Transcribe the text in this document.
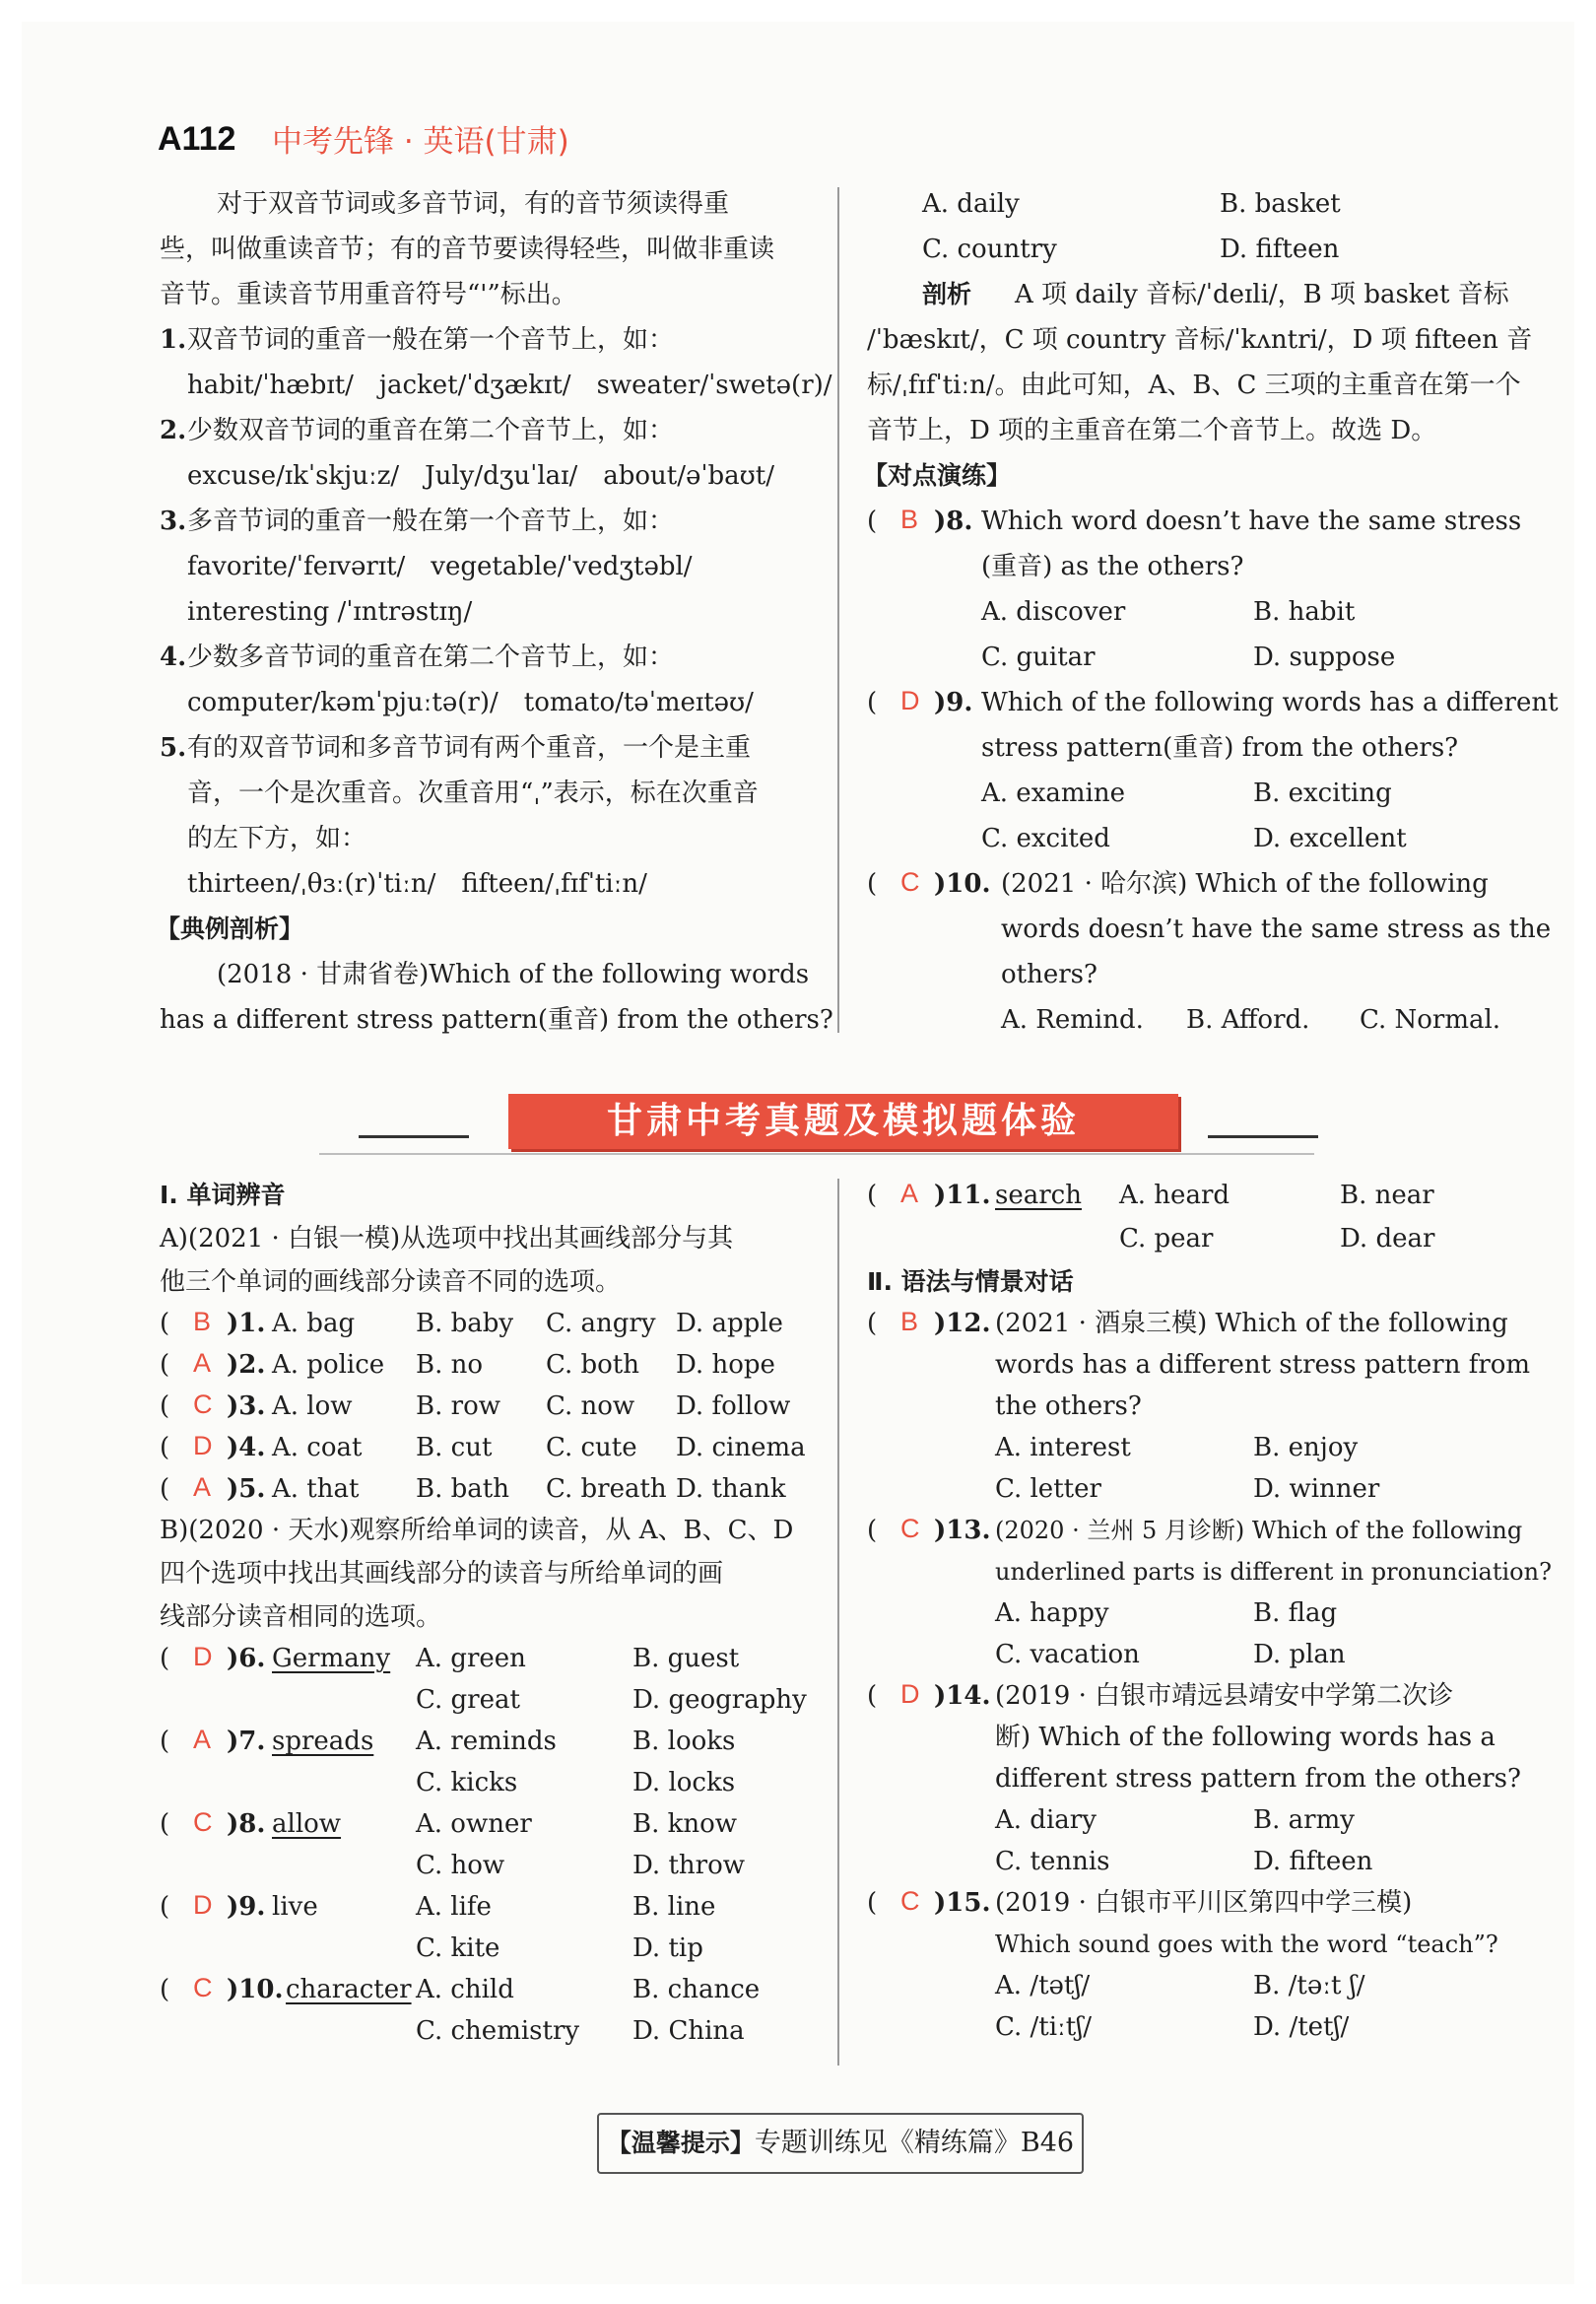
A112 中考先锋 · 英语(甘肃)
对于双音节词或多音节词，有的音节须读得重
些，叫做重读音节；有的音节要读得轻些，叫做非重读
音节。重读音节用重音符号“'”标出。
1. 双音节词的重音一般在第一个音节上，如：
habit/ˈhæbɪt/　jacket/ˈdʒækɪt/　sweater/ˈswetə(r)/
2. 少数双音节词的重音在第二个音节上，如：
excuse/ɪkˈskjuːz/　July/dʒuˈlaɪ/　about/əˈbaʊt/
3. 多音节词的重音一般在第一个音节上，如：
favorite/ˈfeɪvərɪt/　vegetable/ˈvedʒtəbl/
interesting /ˈɪntrəstɪŋ/
4. 少数多音节词的重音在第二个音节上，如：
computer/kəmˈpjuːtə(r)/　tomato/təˈmeɪtəʊ/
5. 有的双音节词和多音节词有两个重音，一个是主重
音，一个是次重音。次重音用“ˌ”表示，标在次重音
的左下方，如：
thirteen/ˌθɜː(r)ˈtiːn/　fifteen/ˌfɪfˈtiːn/
【典例剖析】
(2018 · 甘肃省卷)Which of the following words
has a different stress pattern(重音) from the others?
A. daily	B. basket
C. country	D. fifteen
剖析 A 项 daily 音标/ˈdeɪli/，B 项 basket 音标
/ˈbæskɪt/，C 项 country 音标/ˈkʌntri/，D 项 fifteen 音
标/ˌfɪfˈtiːn/。由此可知，A、B、C 三项的主重音在第一个
音节上，D 项的主重音在第二个音节上。故选 D。
【对点演练】
( B )8. Which word doesn’t have the same stress
(重音) as the others?
A. discover	B. habit
C. guitar	D. suppose
( D )9. Which of the following words has a different
stress pattern(重音) from the others?
A. examine	B. exciting
C. excited	D. excellent
( C )10. (2021 · 哈尔滨) Which of the following
words doesn’t have the same stress as the
others?
A. Remind. B. Afford. C. Normal.
甘肃中考真题及模拟题体验
Ⅰ. 单词辨音
A)(2021 · 白银一模)从选项中找出其画线部分与其
他三个单词的画线部分读音不同的选项。
( B )1. A. bag B. baby C. angry D. apple
( A )2. A. police B. no C. both D. hope
( C )3. A. low B. row C. now D. follow
( D )4. A. coat B. cut C. cute D. cinema
( A )5. A. that B. bath C. breath D. thank
B)(2020 · 天水)观察所给单词的读音，从 A、B、C、D
四个选项中找出其画线部分的读音与所给单词的画
线部分读音相同的选项。
( D )6. Germany A. green	B. guest
C. great	D. geography
( A )7. spreads A. reminds	B. looks
C. kicks	D. locks
( C )8. allow	A. owner	B. know
C. how	D. throw
( D )9. live	A. life	B. line
C. kite	D. tip
( C )10. character A. child	B. chance
C. chemistry D. China
( A )11. search A. heard	B. near
C. pear	D. dear
Ⅱ. 语法与情景对话
( B )12. (2021 · 酒泉三模) Which of the following
words has a different stress pattern from
the others?
A. interest	B. enjoy
C. letter	D. winner
( C )13. (2020 · 兰州 5 月诊断) Which of the following
underlined parts is different in pronunciation?
A. happy	B. flag
C. vacation	D. plan
( D )14. (2019 · 白银市靖远县靖安中学第二次诊
断) Which of the following words has a
different stress pattern from the others?
A. diary	B. army
C. tennis	D. fifteen
( C )15. (2019 · 白银市平川区第四中学三模)
Which sound goes with the word “teach”?
A. /tətʃ/	B. /təːt ʃ/
C. /tiːtʃ/	D. /tetʃ/
【温馨提示】专题训练见《精练篇》B46
